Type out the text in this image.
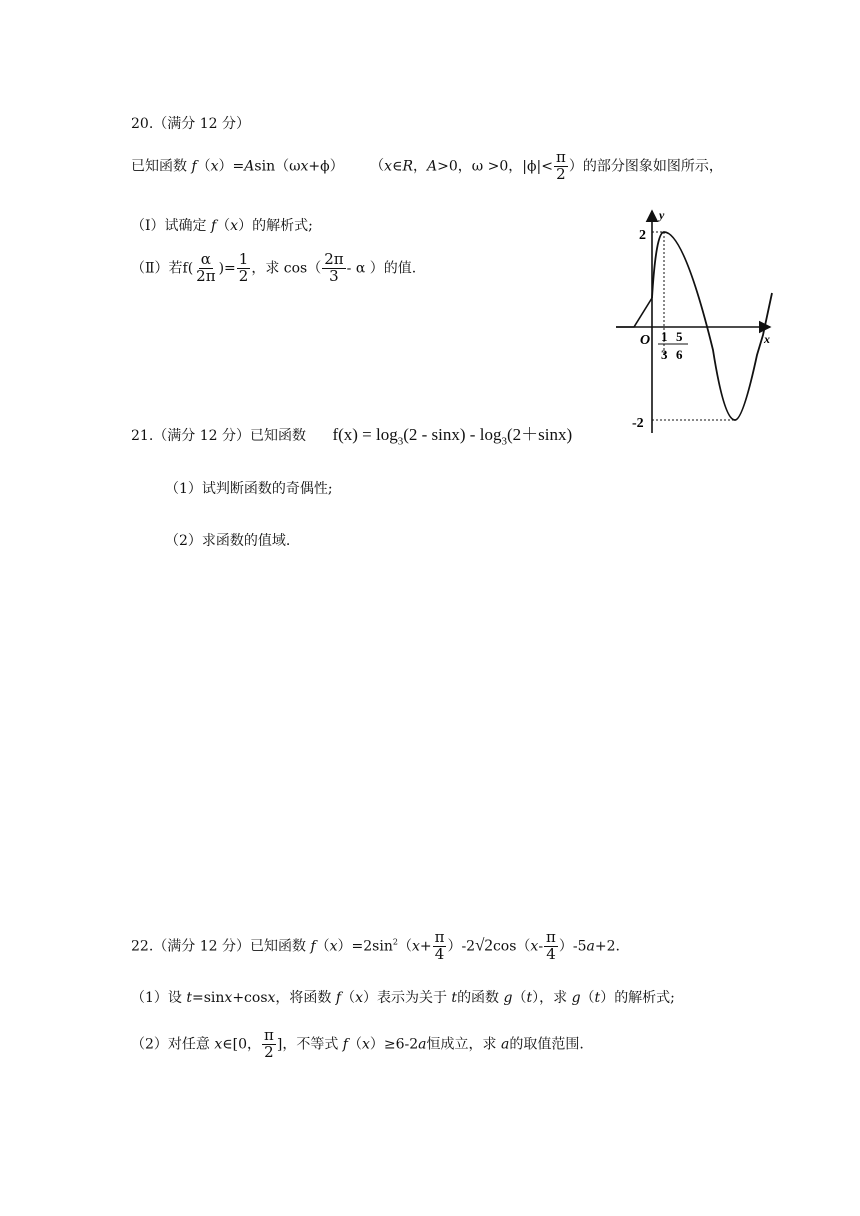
20.（满分 12 分）
已知函数 f（x）=Asin（ωx+ϕ） （x∈R，A>0，ω >0，$|\phi|< \frac{\pi}{2}$ ）的部分图象如图所示，
（Ⅰ）试确定 f（x）的解析式;
（Ⅱ）若$f( \frac{\alpha}{2\pi}$ )= $\frac{1}{2}$ ，求 $\cos( \frac{2\pi}{3}$ - α ）的值.
y
x
2
-2
O 1
3
5
6
21.（满分 12 分）已知函数 $f(x) = \log_3(2 - \sin x) - \log_3(2+\sin x)$
（1）试判断函数的奇偶性;
（2）求函数的值域.
22.（满分 12 分）已知函数 $f(x)=2\sin^2(x+ \frac{\pi}{4} )-2√2\cos(x- \frac{\pi}{4} )-5a+2$.
（1）设 t=sinx+cosx，将函数 f（x）表示为关于 t的函数 g（t），求 g（t）的解析式;
（2）对任意 x∈[0， $\frac{\pi}{2}$ ]，不等式 f（x）≥6-2a恒成立，求 a的取值范围.
